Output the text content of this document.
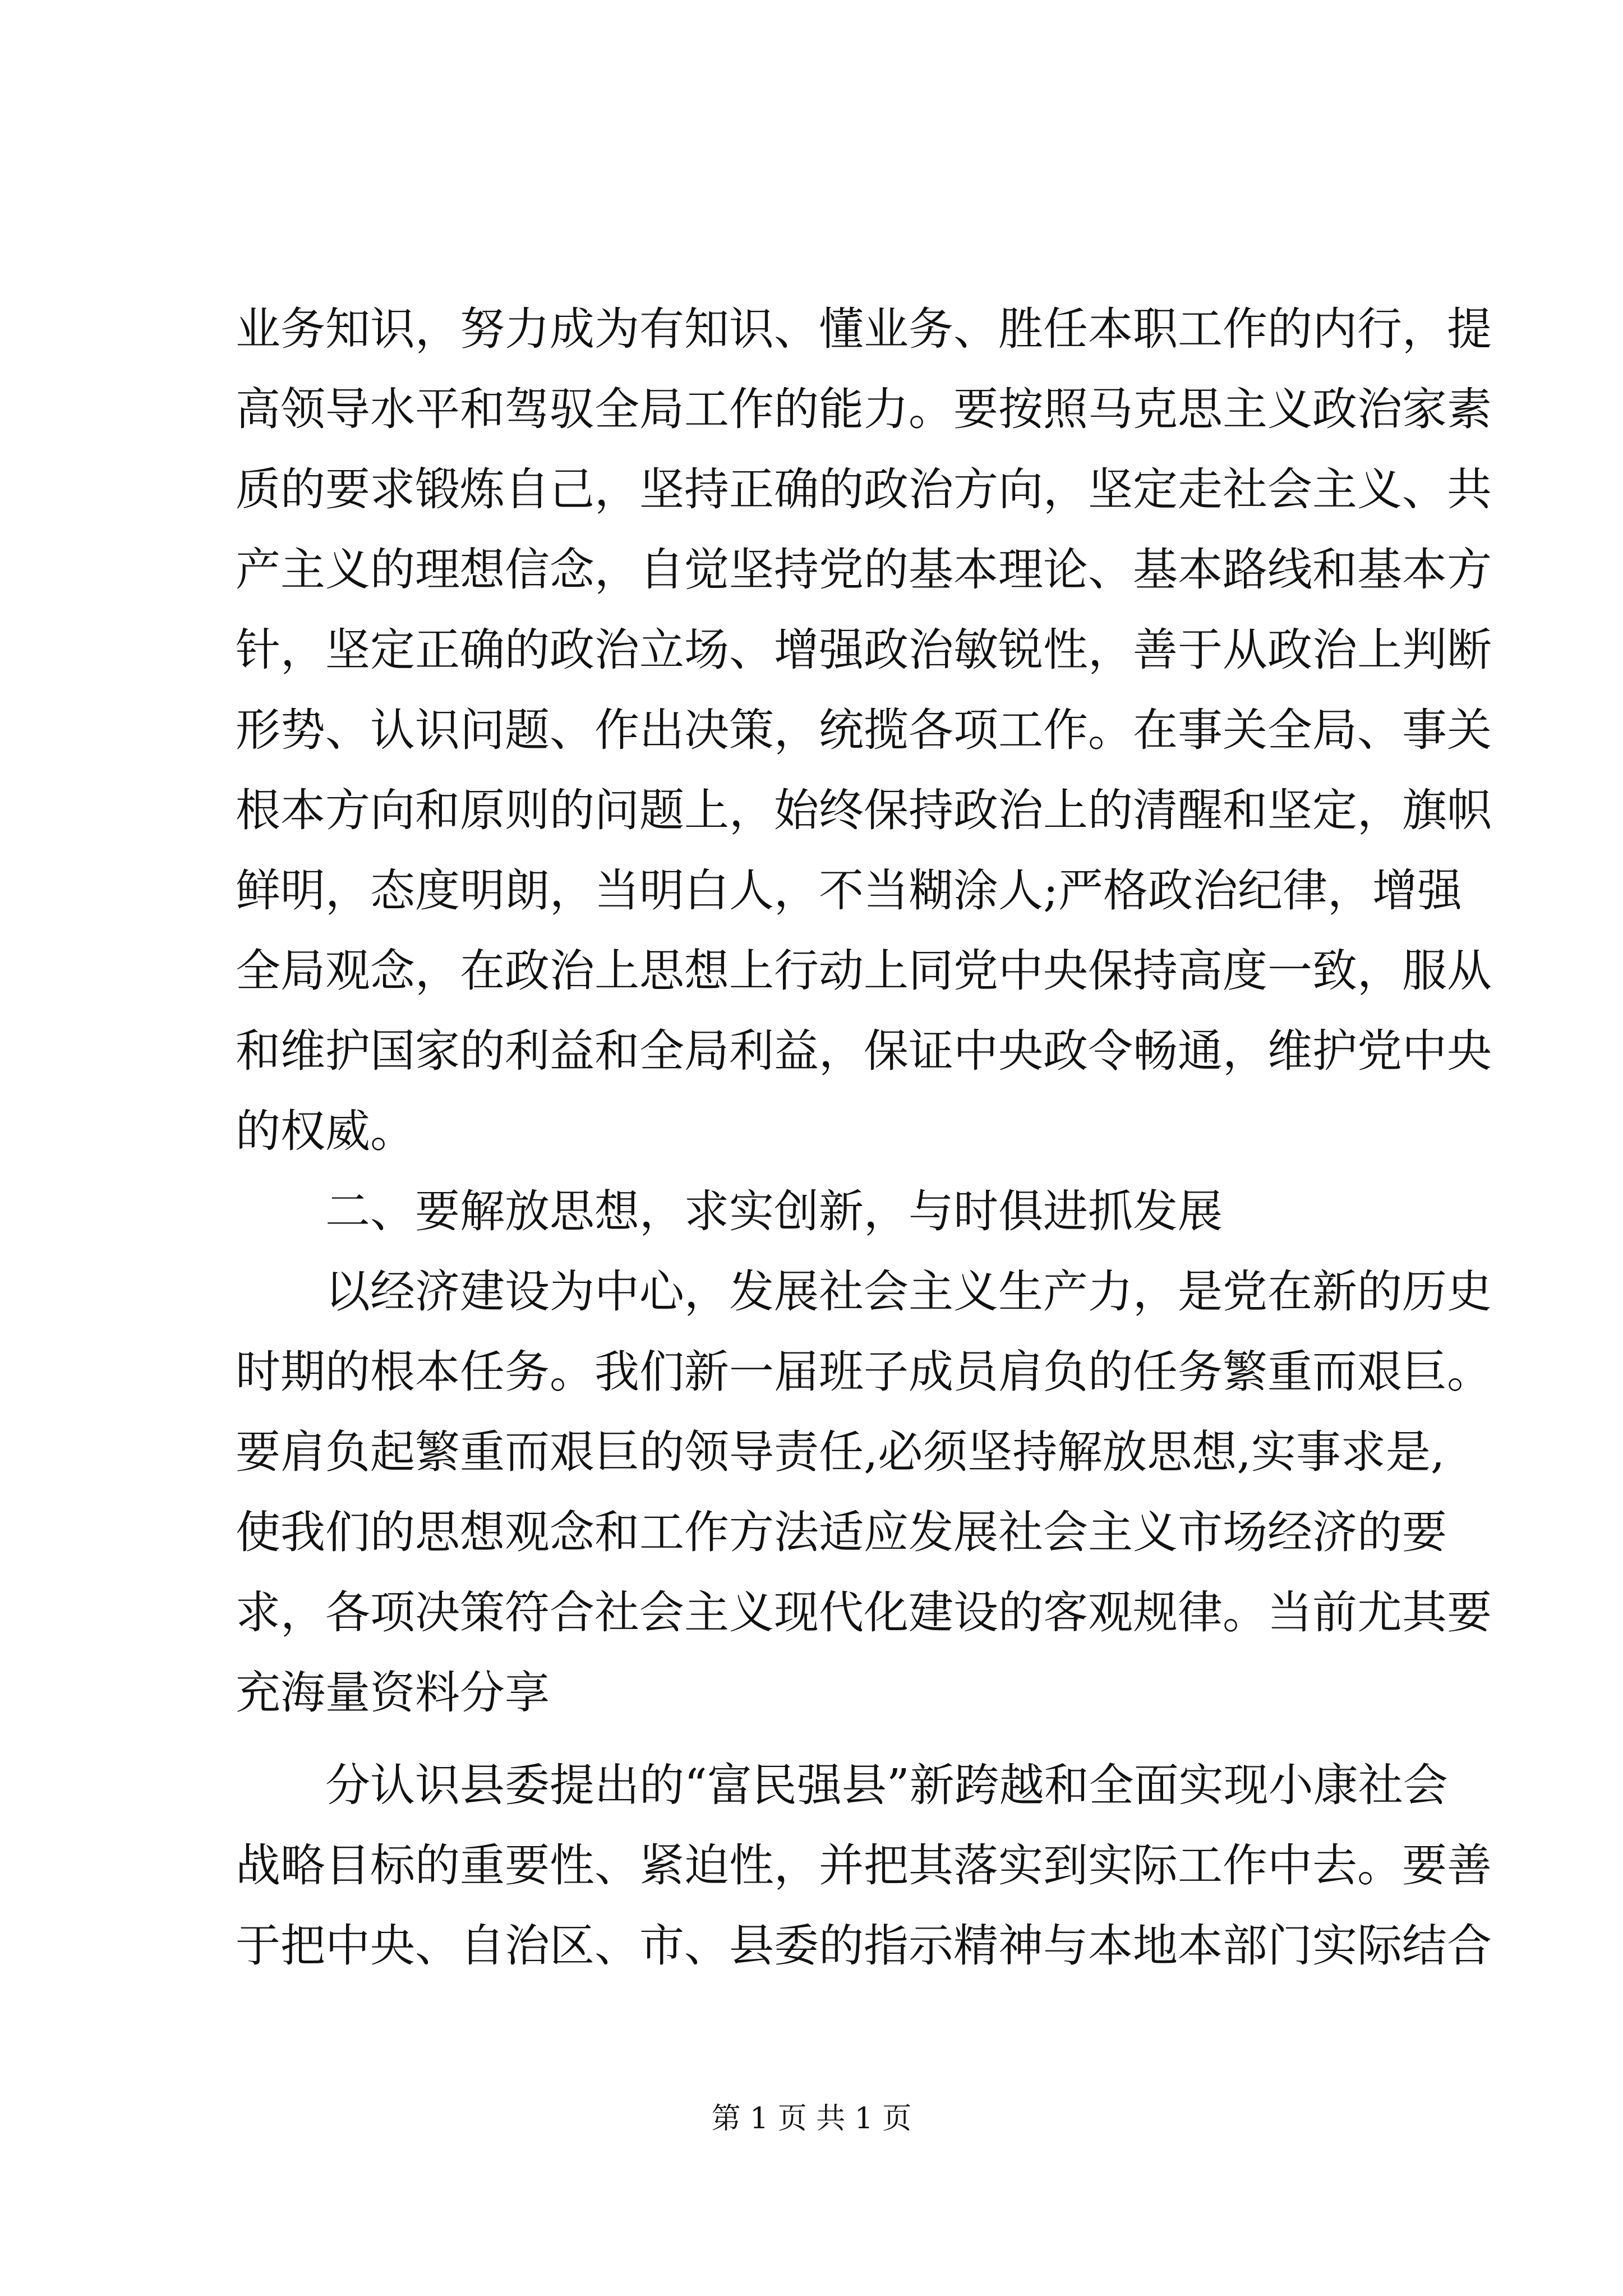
业务知识，努力成为有知识、懂业务、胜任本职工作的内行，提
高领导水平和驾驭全局工作的能力。要按照马克思主义政治家素
质的要求锻炼自己，坚持正确的政治方向，坚定走社会主义、共
产主义的理想信念，自觉坚持党的基本理论、基本路线和基本方
针，坚定正确的政治立场、增强政治敏锐性，善于从政治上判断
形势、认识问题、作出决策，统揽各项工作。在事关全局、事关
根本方向和原则的问题上，始终保持政治上的清醒和坚定，旗帜
鲜明，态度明朗，当明白人，不当糊涂人;严格政治纪律，增强
全局观念，在政治上思想上行动上同党中央保持高度一致，服从
和维护国家的利益和全局利益，保证中央政令畅通，维护党中央
的权威。
　　二、要解放思想，求实创新，与时俱进抓发展
　　以经济建设为中心，发展社会主义生产力，是党在新的历史
时期的根本任务。我们新一届班子成员肩负的任务繁重而艰巨。
要肩负起繁重而艰巨的领导责任,必须坚持解放思想,实事求是,
使我们的思想观念和工作方法适应发展社会主义市场经济的要
求，各项决策符合社会主义现代化建设的客观规律。当前尤其要
充海量资料分享
　　分认识县委提出的“富民强县”新跨越和全面实现小康社会
战略目标的重要性、紧迫性，并把其落实到实际工作中去。要善
于把中央、自治区、市、县委的指示精神与本地本部门实际结合
第 1 页 共 1 页
